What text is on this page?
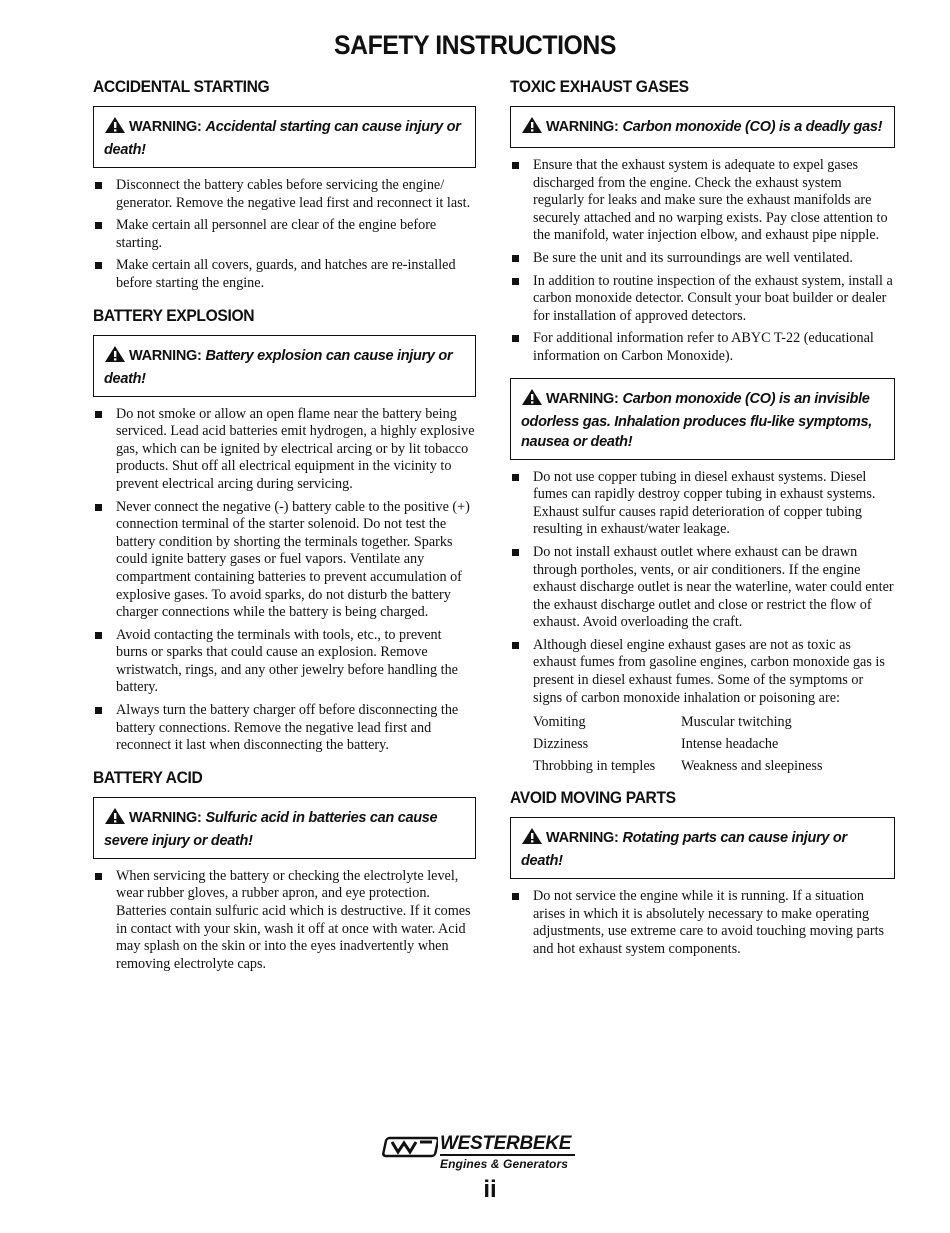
SAFETY INSTRUCTIONS
ACCIDENTAL STARTING
WARNING: Accidental starting can cause injury or death!
Disconnect the battery cables before servicing the engine/ generator. Remove the negative lead first and reconnect it last.
Make certain all personnel are clear of the engine before starting.
Make certain all covers, guards, and hatches are re-installed before starting the engine.
BATTERY EXPLOSION
WARNING: Battery explosion can cause injury or death!
Do not smoke or allow an open flame near the battery being serviced. Lead acid batteries emit hydrogen, a highly explosive gas, which can be ignited by electrical arcing or by lit tobacco products. Shut off all electrical equipment in the vicinity to prevent electrical arcing during servicing.
Never connect the negative (-) battery cable to the positive (+) connection terminal of the starter solenoid. Do not test the battery condition by shorting the terminals together. Sparks could ignite battery gases or fuel vapors. Ventilate any compartment containing batteries to prevent accumulation of explosive gases. To avoid sparks, do not disturb the battery charger connections while the battery is being charged.
Avoid contacting the terminals with tools, etc., to prevent burns or sparks that could cause an explosion. Remove wristwatch, rings, and any other jewelry before handling the battery.
Always turn the battery charger off before disconnecting the battery connections. Remove the negative lead first and reconnect it last when disconnecting the battery.
BATTERY ACID
WARNING: Sulfuric acid in batteries can cause severe injury or death!
When servicing the battery or checking the electrolyte level, wear rubber gloves, a rubber apron, and eye protection. Batteries contain sulfuric acid which is destructive. If it comes in contact with your skin, wash it off at once with water. Acid may splash on the skin or into the eyes inadvertently when removing electrolyte caps.
TOXIC EXHAUST GASES
WARNING: Carbon monoxide (CO) is a deadly gas!
Ensure that the exhaust system is adequate to expel gases discharged from the engine. Check the exhaust system regularly for leaks and make sure the exhaust manifolds are securely attached and no warping exists. Pay close attention to the manifold, water injection elbow, and exhaust pipe nipple.
Be sure the unit and its surroundings are well ventilated.
In addition to routine inspection of the exhaust system, install a carbon monoxide detector. Consult your boat builder or dealer for installation of approved detectors.
For additional information refer to ABYC T-22 (educational information on Carbon Monoxide).
WARNING: Carbon monoxide (CO) is an invisible odorless gas. Inhalation produces flu-like symptoms, nausea or death!
Do not use copper tubing in diesel exhaust systems. Diesel fumes can rapidly destroy copper tubing in exhaust systems. Exhaust sulfur causes rapid deterioration of copper tubing resulting in exhaust/water leakage.
Do not install exhaust outlet where exhaust can be drawn through portholes, vents, or air conditioners. If the engine exhaust discharge outlet is near the waterline, water could enter the exhaust discharge outlet and close or restrict the flow of exhaust. Avoid overloading the craft.
Although diesel engine exhaust gases are not as toxic as exhaust fumes from gasoline engines, carbon monoxide gas is present in diesel exhaust fumes. Some of the symptoms or signs of carbon monoxide inhalation or poisoning are:
Vomiting	Muscular twitching
Dizziness	Intense headache
Throbbing in temples	Weakness and sleepiness
AVOID MOVING PARTS
WARNING: Rotating parts can cause injury or death!
Do not service the engine while it is running. If a situation arises in which it is absolutely necessary to make operating adjustments, use extreme care to avoid touching moving parts and hot exhaust system components.
WESTERBEKE
Engines & Generators
ii
